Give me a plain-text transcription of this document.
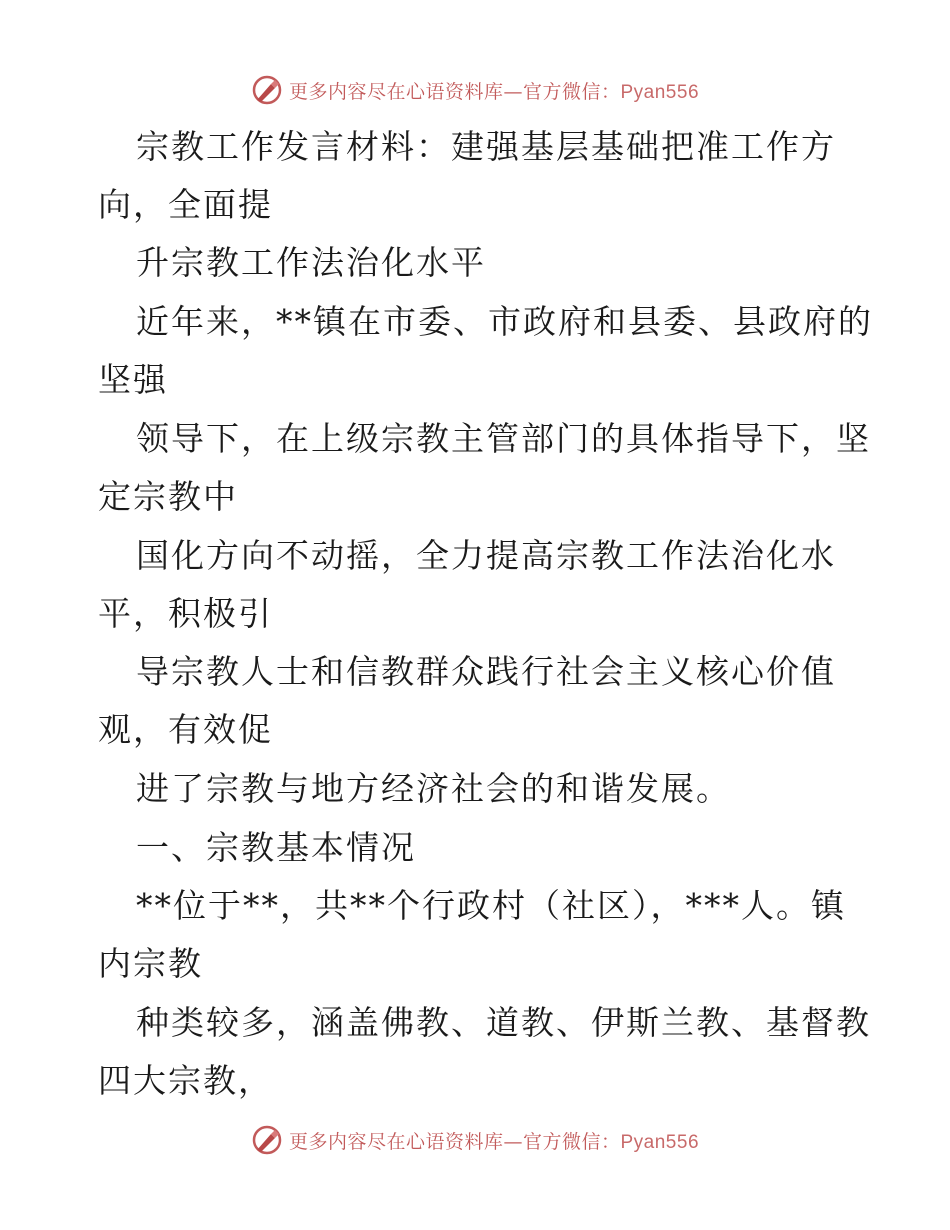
更多内容尽在心语资料库—官方微信：Pyan556
宗教工作发言材料：建强基层基础把准工作方
向，全面提
升宗教工作法治化水平
近年来，**镇在市委、市政府和县委、县政府的
坚强
领导下，在上级宗教主管部门的具体指导下，坚
定宗教中
国化方向不动摇，全力提高宗教工作法治化水
平，积极引
导宗教人士和信教群众践行社会主义核心价值
观，有效促
进了宗教与地方经济社会的和谐发展。
一、宗教基本情况
**位于**，共**个行政村（社区），***人。镇
内宗教
种类较多，涵盖佛教、道教、伊斯兰教、基督教
四大宗教，
更多内容尽在心语资料库—官方微信：Pyan556
